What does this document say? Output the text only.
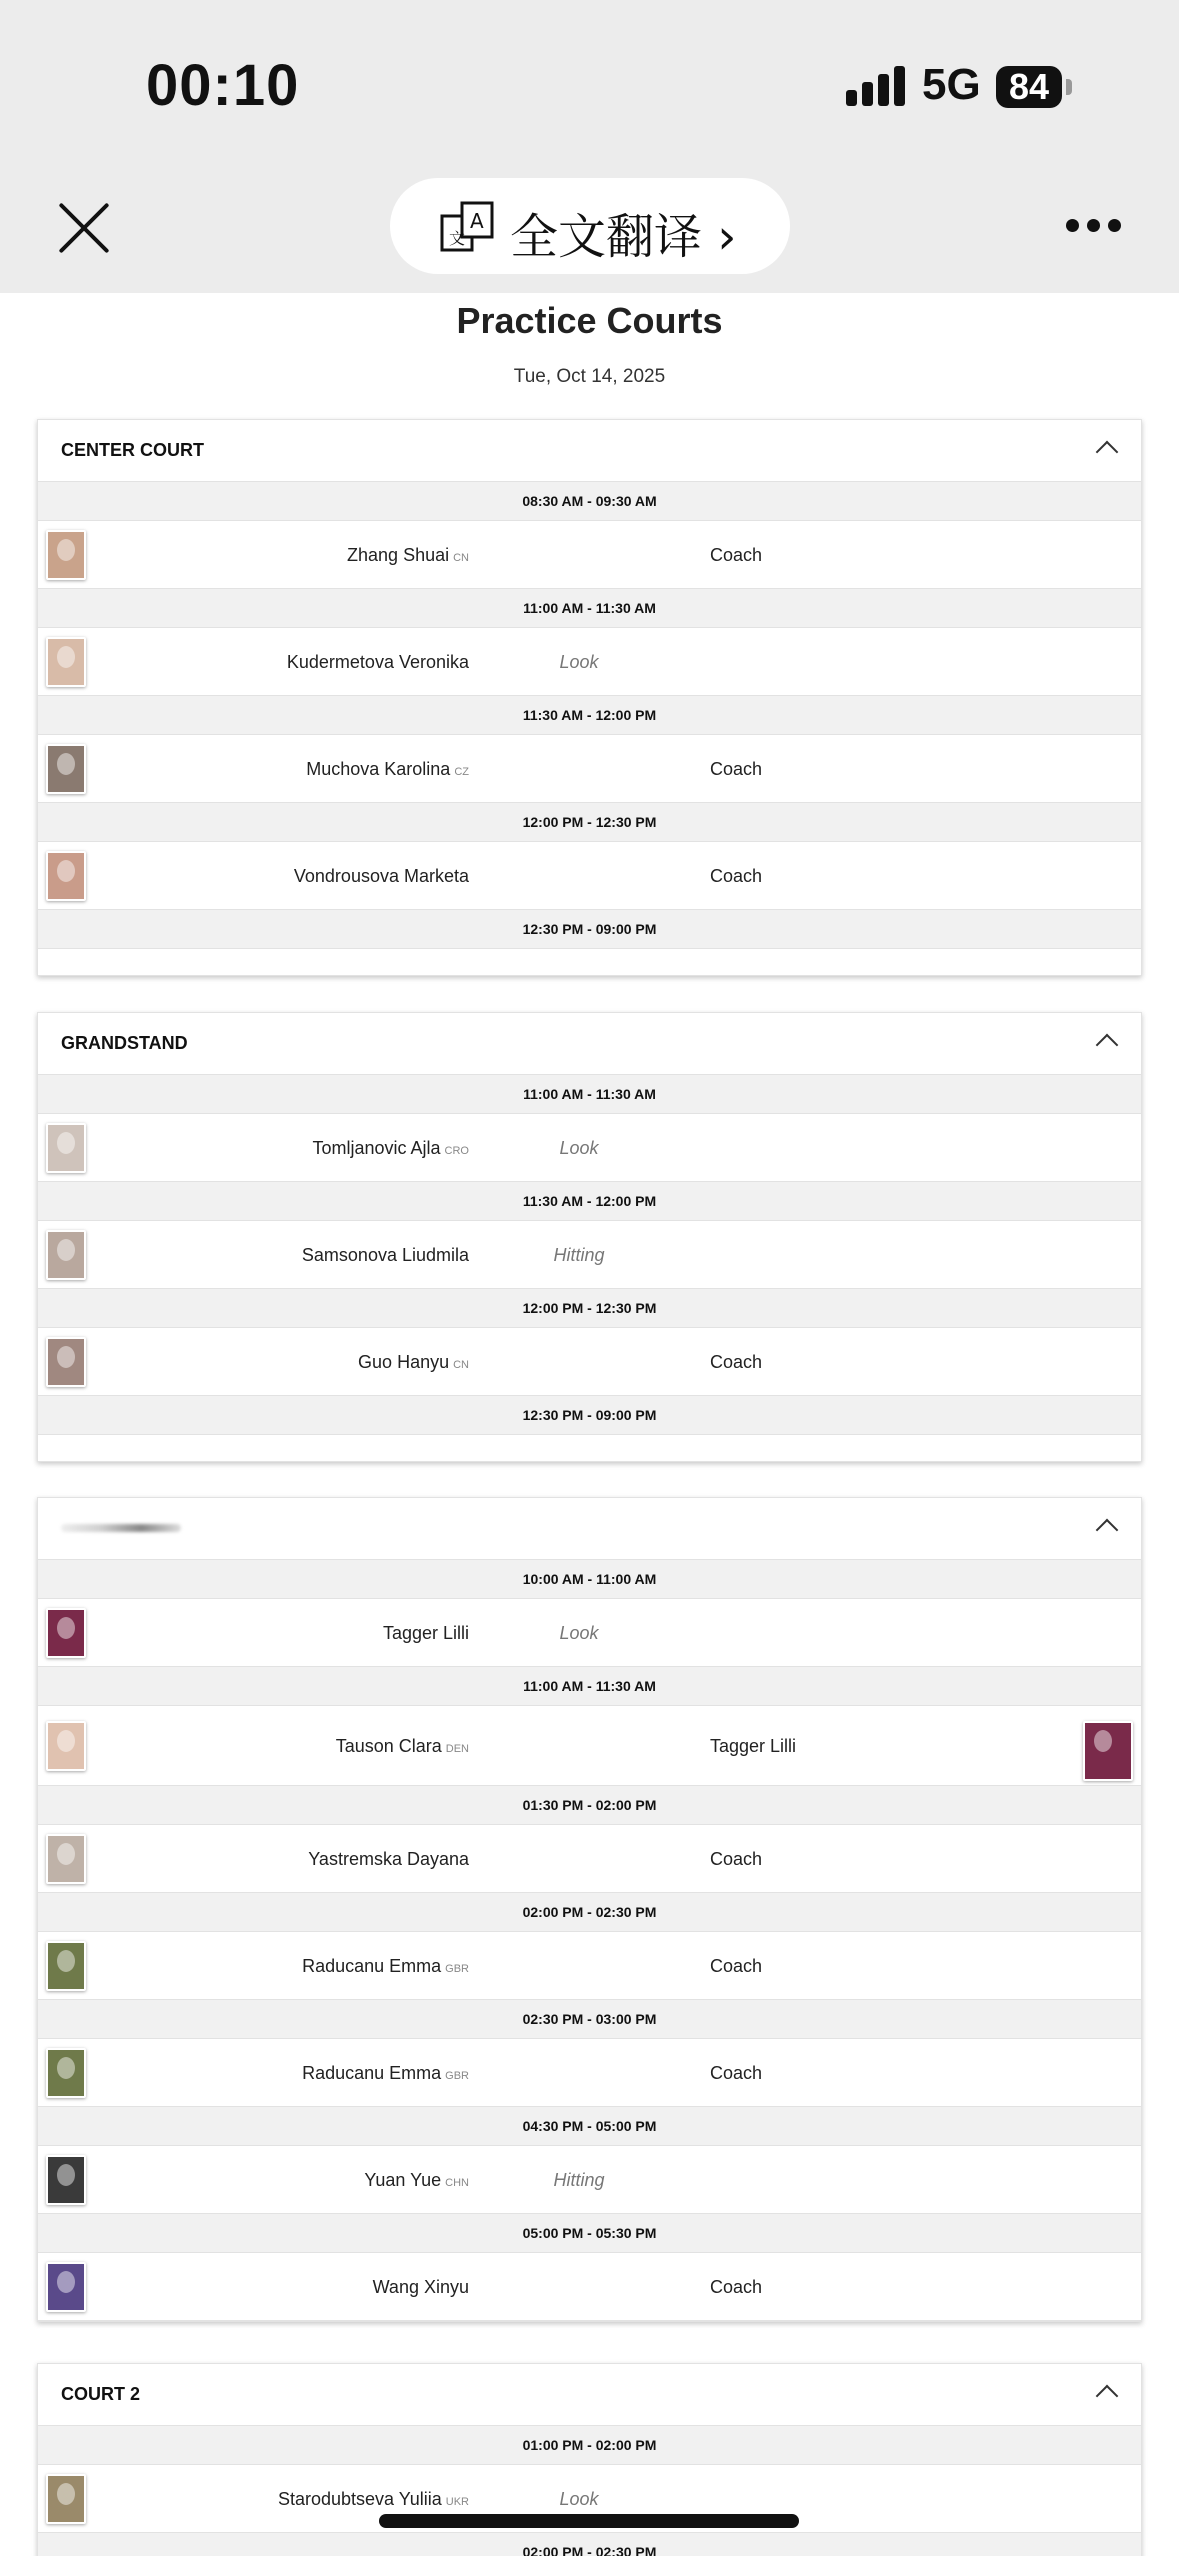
00:10	5G 84
A
文 全文翻译 ›
Practice Courts
Tue, Oct 14, 2025
CENTER COURT
08:30 AM - 09:30 AM
Zhang Shuai CN	Coach
11:00 AM - 11:30 AM
Kudermetova Veronika	Look
11:30 AM - 12:00 PM
Muchova Karolina CZ	Coach
12:00 PM - 12:30 PM
Vondrousova Marketa	Coach
12:30 PM - 09:00 PM
GRANDSTAND
11:00 AM - 11:30 AM
Tomljanovic Ajla CRO	Look
11:30 AM - 12:00 PM
Samsonova Liudmila	Hitting
12:00 PM - 12:30 PM
Guo Hanyu CN	Coach
12:30 PM - 09:00 PM
10:00 AM - 11:00 AM
Tagger Lilli	Look
11:00 AM - 11:30 AM
Tauson Clara DEN	Tagger Lilli
01:30 PM - 02:00 PM
Yastremska Dayana	Coach
02:00 PM - 02:30 PM
Raducanu Emma GBR	Coach
02:30 PM - 03:00 PM
Raducanu Emma GBR	Coach
04:30 PM - 05:00 PM
Yuan Yue CHN	Hitting
05:00 PM - 05:30 PM
Wang Xinyu	Coach
COURT 2
01:00 PM - 02:00 PM
Starodubtseva Yuliia UKR	Look
02:00 PM - 02:30 PM
